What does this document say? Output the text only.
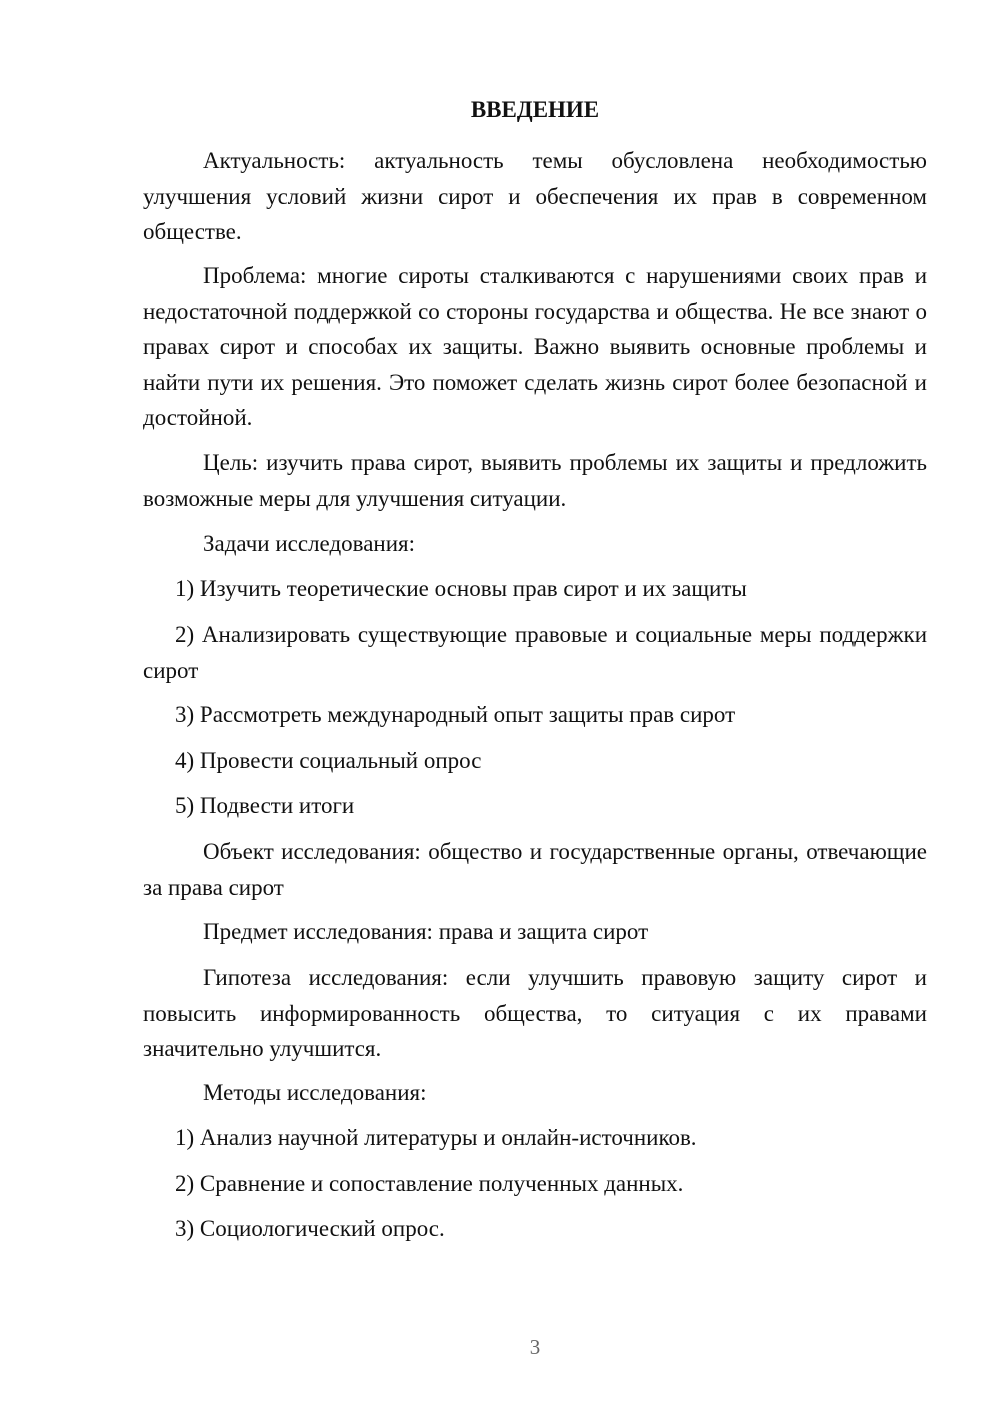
ВВЕДЕНИЕ

Актуальность: актуальность темы обусловлена необходимостью улучшения условий жизни сирот и обеспечения их прав в современном обществе.

Проблема: многие сироты сталкиваются с нарушениями своих прав и недостаточной поддержкой со стороны государства и общества. Не все знают о правах сирот и способах их защиты. Важно выявить основные проблемы и найти пути их решения. Это поможет сделать жизнь сирот более безопасной и достойной.

Цель: изучить права сирот, выявить проблемы их защиты и предложить возможные меры для улучшения ситуации.

Задачи исследования:

1) Изучить теоретические основы прав сирот и их защиты

2) Анализировать существующие правовые и социальные меры поддержки сирот

3) Рассмотреть международный опыт защиты прав сирот

4) Провести социальный опрос

5) Подвести итоги

Объект исследования: общество и государственные органы, отвечающие за права сирот

Предмет исследования: права и защита сирот

Гипотеза исследования: если улучшить правовую защиту сирот и повысить информированность общества, то ситуация с их правами значительно улучшится.

Методы исследования:

1) Анализ научной литературы и онлайн-источников.

2) Сравнение и сопоставление полученных данных.

3) Социологический опрос.

3
